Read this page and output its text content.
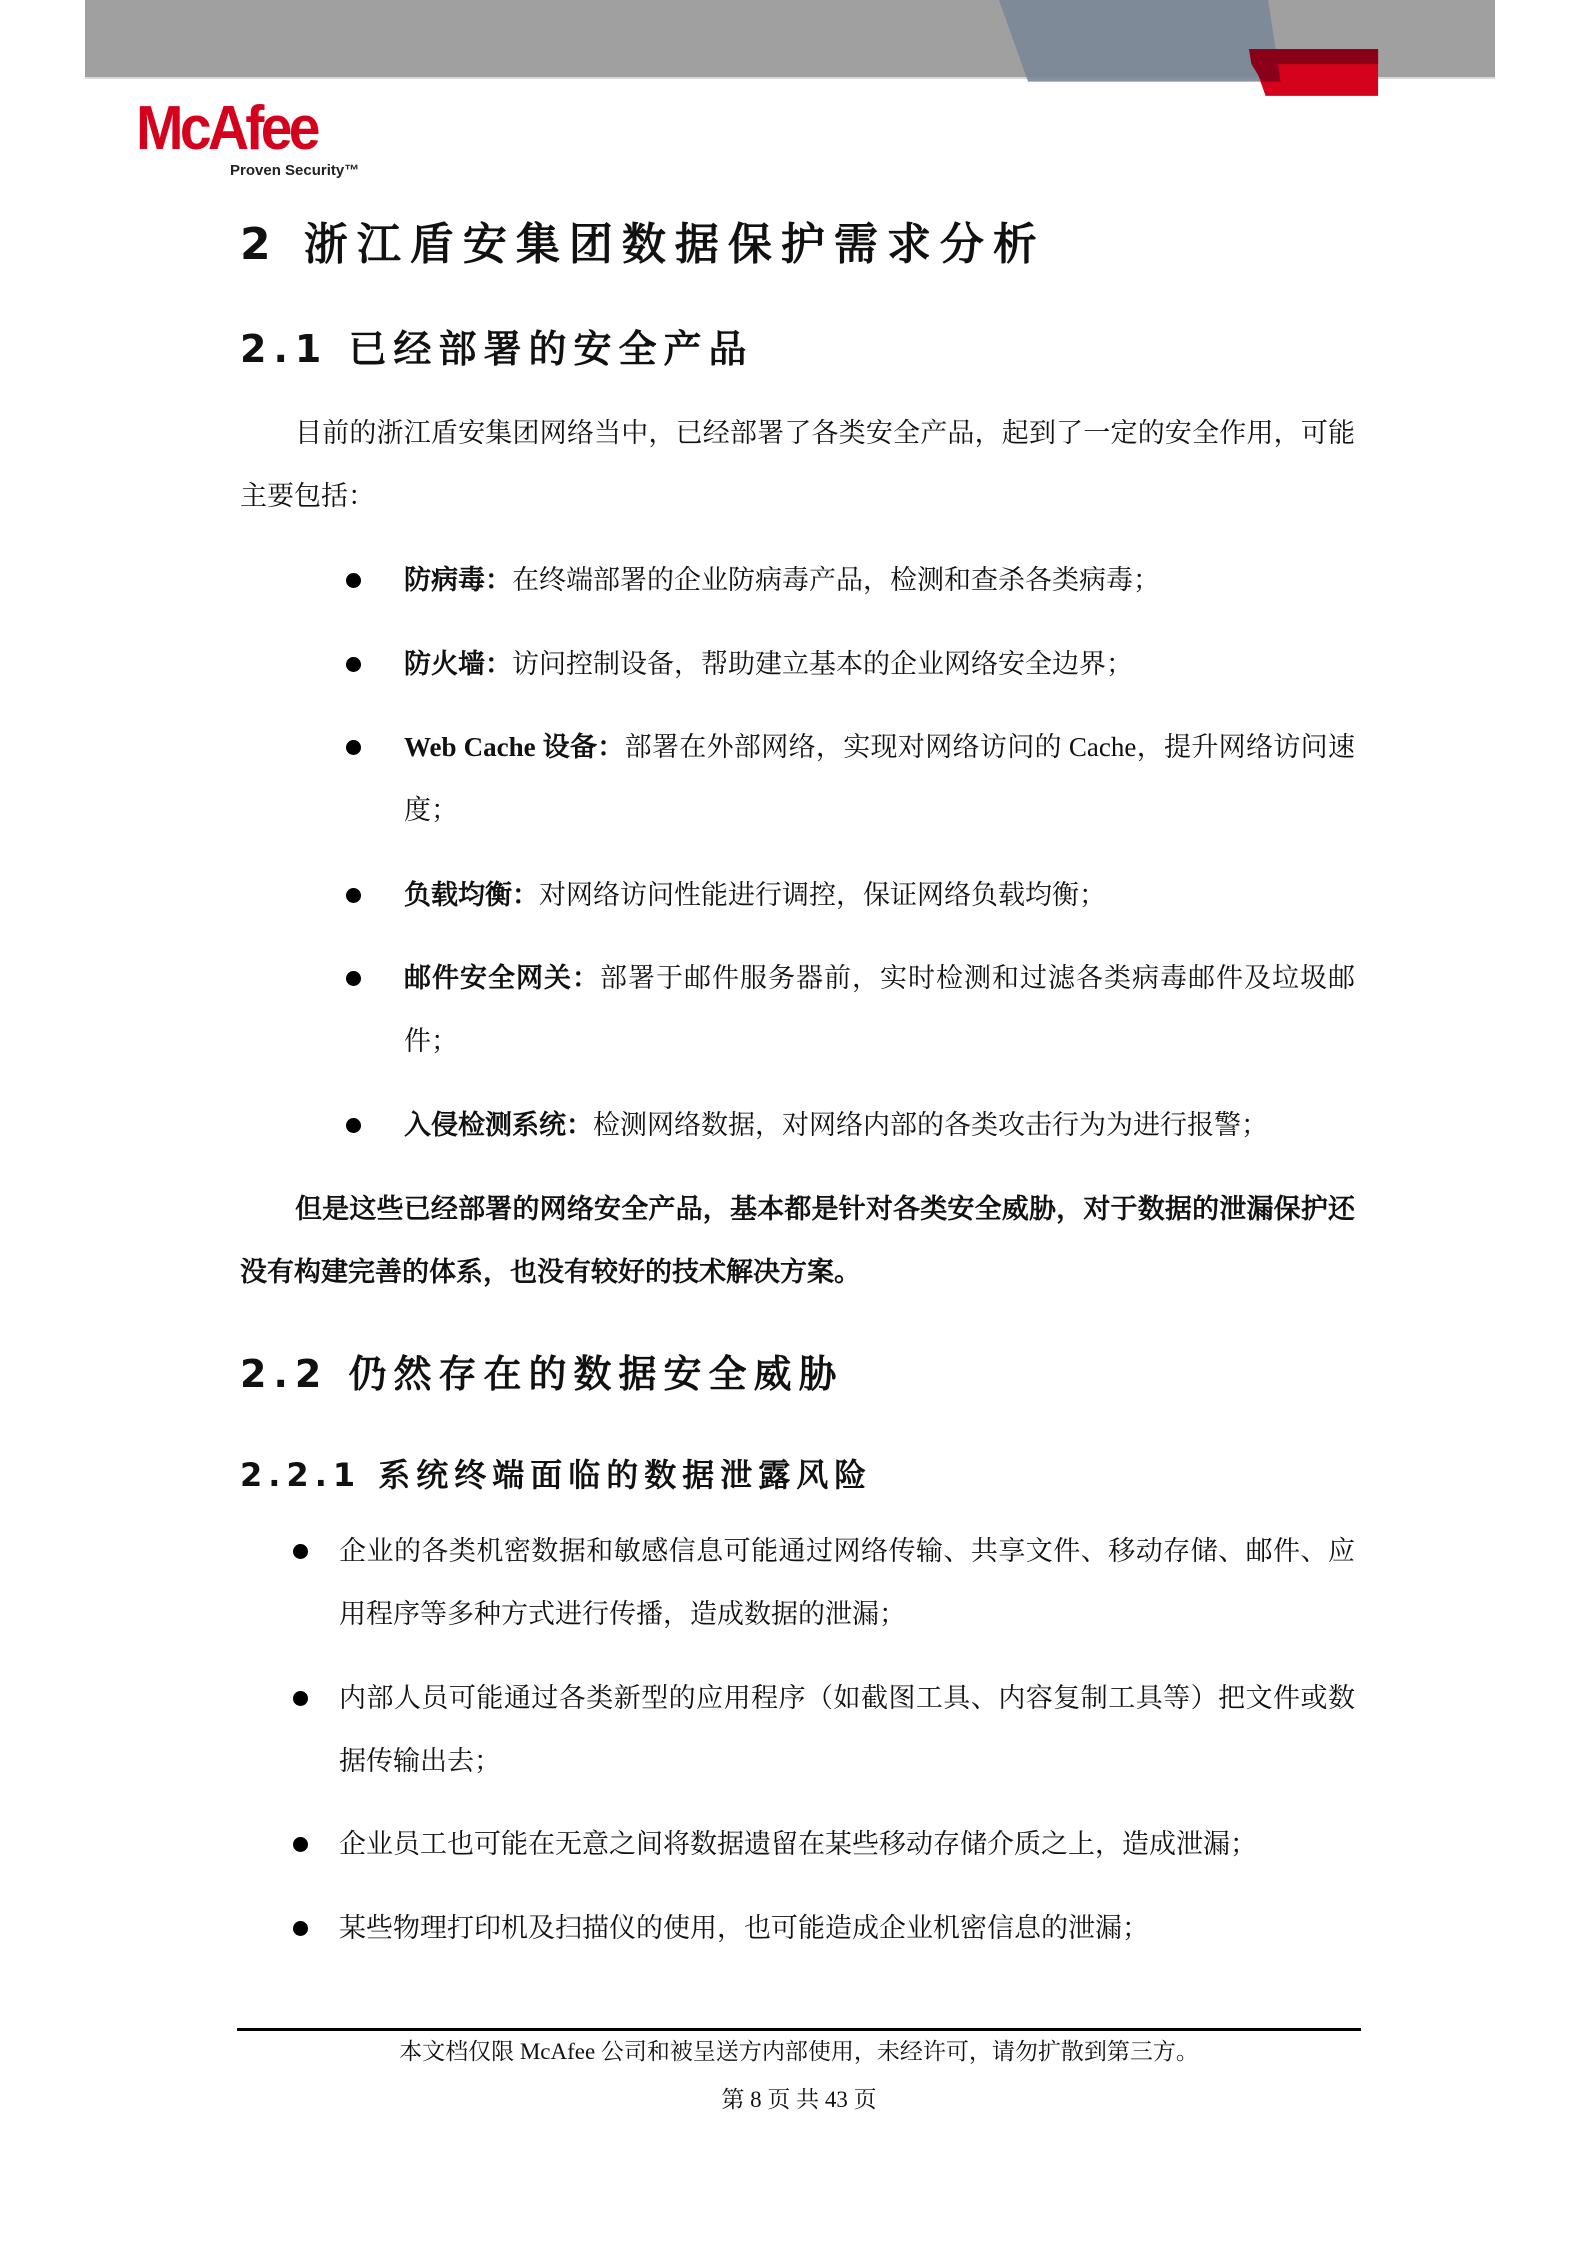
McAfee
Proven Security™
2 浙江盾安集团数据保护需求分析
2.1 已经部署的安全产品
目前的浙江盾安集团网络当中，已经部署了各类安全产品，起到了一定的安全作用，可能主要包括：
防病毒：在终端部署的企业防病毒产品，检测和查杀各类病毒；
防火墙：访问控制设备，帮助建立基本的企业网络安全边界；
Web Cache 设备：部署在外部网络，实现对网络访问的 Cache，提升网络访问速度；
负载均衡：对网络访问性能进行调控，保证网络负载均衡；
邮件安全网关：部署于邮件服务器前，实时检测和过滤各类病毒邮件及垃圾邮件；
入侵检测系统：检测网络数据，对网络内部的各类攻击行为为进行报警；
但是这些已经部署的网络安全产品，基本都是针对各类安全威胁，对于数据的泄漏保护还没有构建完善的体系，也没有较好的技术解决方案。
2.2 仍然存在的数据安全威胁
2.2.1 系统终端面临的数据泄露风险
企业的各类机密数据和敏感信息可能通过网络传输、共享文件、移动存储、邮件、应用程序等多种方式进行传播，造成数据的泄漏；
内部人员可能通过各类新型的应用程序（如截图工具、内容复制工具等）把文件或数据传输出去；
企业员工也可能在无意之间将数据遗留在某些移动存储介质之上，造成泄漏；
某些物理打印机及扫描仪的使用，也可能造成企业机密信息的泄漏；
本文档仅限 McAfee 公司和被呈送方内部使用，未经许可，请勿扩散到第三方。
第 8 页 共 43 页
